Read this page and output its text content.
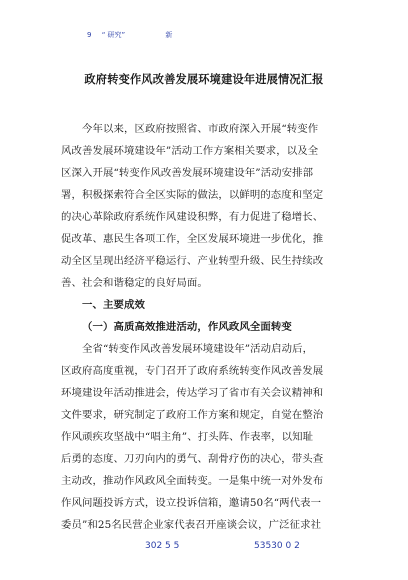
9 “ 研究”	新
政府转变作风改善发展环境建设年进展情况汇报
今年以来，区政府按照省、市政府深入开展“转变作
风改善发展环境建设年”活动工作方案相关要求，以及全
区深入开展“转变作风改善发展环境建设年”活动安排部
署，积极探索符合全区实际的做法，以鲜明的态度和坚定
的决心革除政府系统作风建设积弊，有力促进了稳增长、
促改革、惠民生各项工作，全区发展环境进一步优化，推
动全区呈现出经济平稳运行、产业转型升级、民生持续改
善、社会和谐稳定的良好局面。
一、主要成效
（一）高质高效推进活动，作风政风全面转变
全省“转变作风改善发展环境建设年”活动启动后，
区政府高度重视，专门召开了政府系统转变作风改善发展
环境建设年活动推进会，传达学习了省市有关会议精神和
文件要求，研究制定了政府工作方案和规定，自觉在整治
作风顽疾攻坚战中“唱主角”、打头阵、作表率，以知耻
后勇的态度、刀刃向内的勇气、刮骨疗伤的决心，带头查
主动改，推动作风政风全面转变。一是集中统一对外发布
作风问题投诉方式，设立投诉信箱，邀请50名“两代表一
委员”和25名民营企业家代表召开座谈会议，广泛征求社
302 5 5	53530 0 2
